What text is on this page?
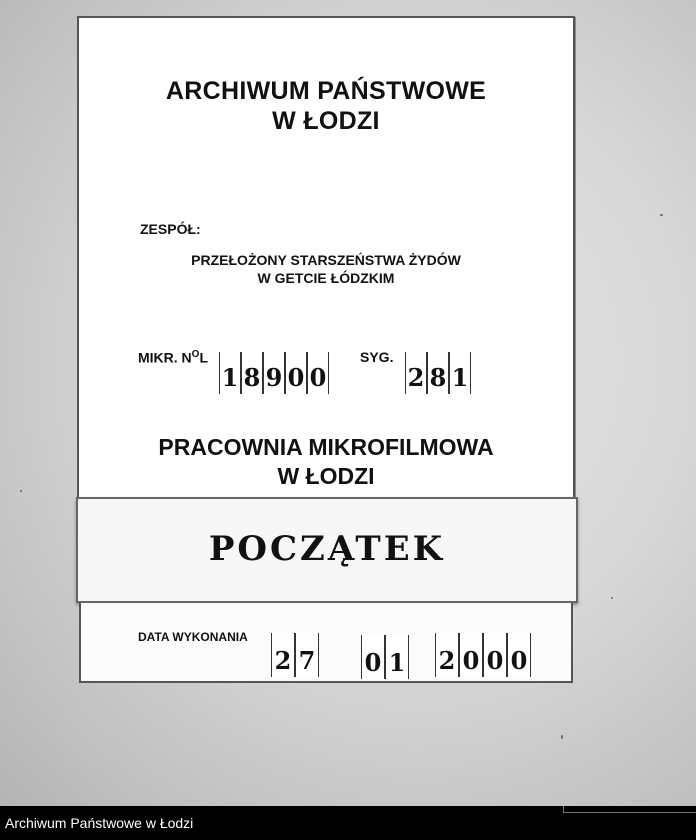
ARCHIWUM PAŃSTWOWE
W ŁODZI
ZESPÓŁ:
PRZEŁOŻONY STARSZEŃSTWA ŻYDÓW
W GETCIE ŁÓDZKIM
MIKR. $N^OL$
1 8 9 0 0
SYG.
2 8 1
PRACOWNIA MIKROFILMOWA
W ŁODZI
POCZĄTEK
DATA WYKONANIA
2 7 0 1 2 0 0 0
Archiwum Państwowe w Łodzi
